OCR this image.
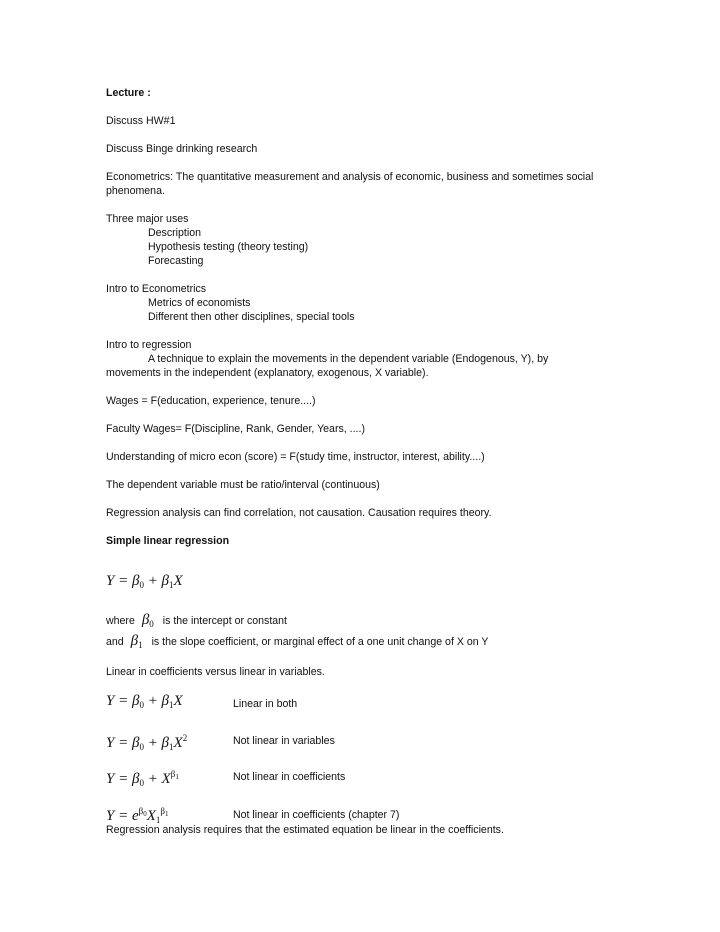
Lecture :

Discuss HW#1

Discuss Binge drinking research

Econometrics: The quantitative measurement and analysis of economic, business and sometimes social

phenomena.

Three major uses

Description

Hypothesis testing (theory testing)

Forecasting

Intro to Econometrics

Metrics of economists

Different then other disciplines, special tools

Intro to regression

A technique to explain the movements in the dependent variable (Endogenous, Y), by

movements in the independent (explanatory, exogenous, X variable).

Wages = F(education, experience, tenure....)

Faculty Wages= F(Discipline, Rank, Gender, Years, ....)

Understanding of micro econ (score) = F(study time, instructor, interest, ability....)

The dependent variable must be ratio/interval (continuous)

Regression analysis can find correlation, not causation. Causation requires theory.

Simple linear regression

$Y = \beta_0 + \beta_1X$
where $\beta_0$ is the intercept or constant
and $\beta_1$ is the slope coefficient, or marginal effect of a one unit change of X on Y
Linear in coefficients versus linear in variables.
$Y = \beta_0 + \beta_1X$	Linear in both
$Y = \beta_0 + \beta_1X^2$	Not linear in variables
$Y = \beta_0 + X^{\beta_1}$	Not linear in coefficients
$Y = e^{\beta_0}X_1^{\beta_1}$	Not linear in coefficients (chapter 7)
Regression analysis requires that the estimated equation be linear in the coefficients.
